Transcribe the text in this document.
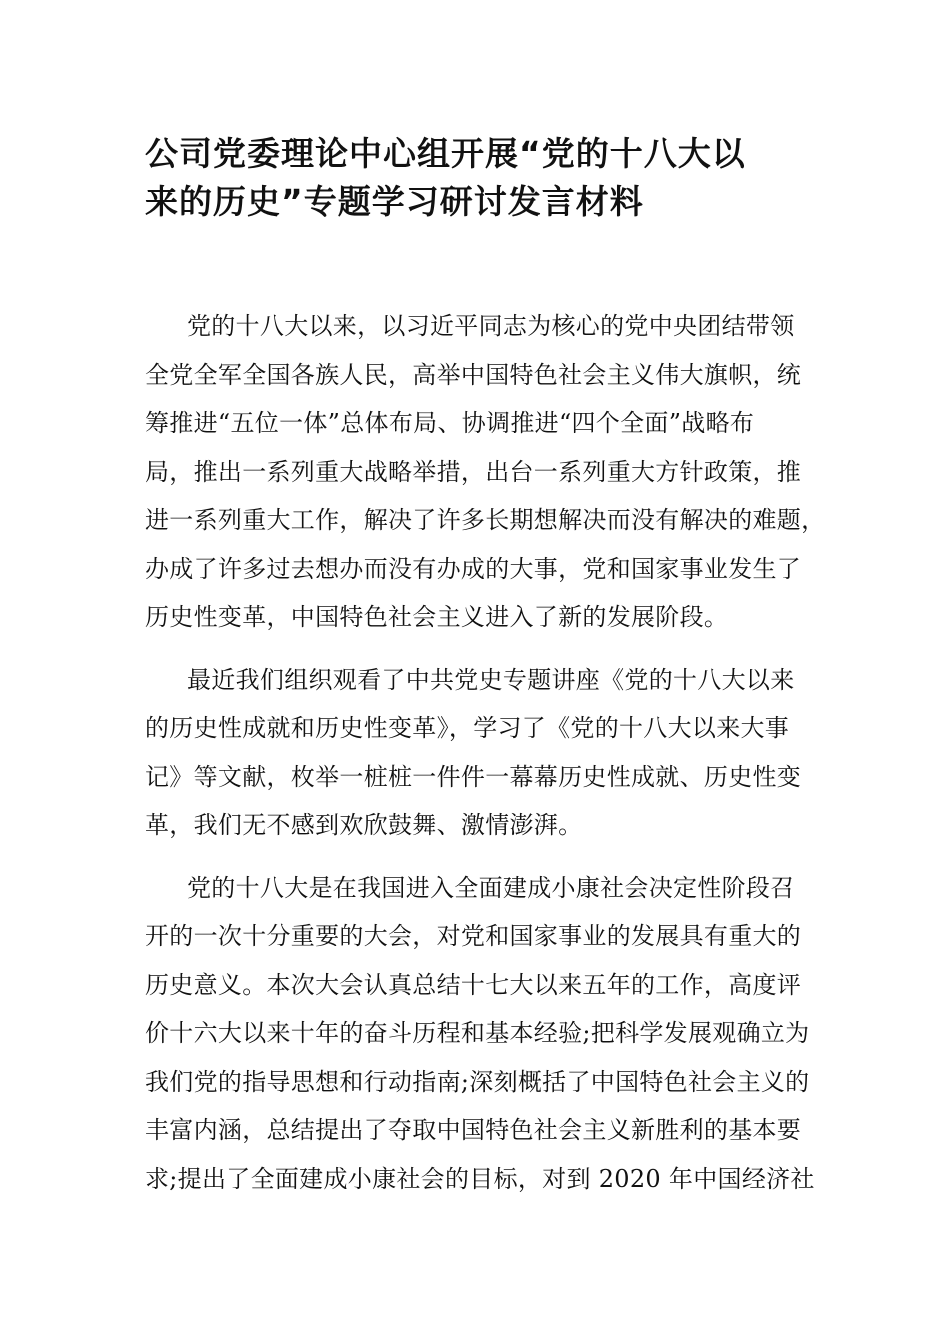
公司党委理论中心组开展“党的十八大以
来的历史”专题学习研讨发言材料

党的十八大以来，以习近平同志为核心的党中央团结带领
全党全军全国各族人民，高举中国特色社会主义伟大旗帜，统
筹推进“五位一体”总体布局、协调推进“四个全面”战略布
局，推出一系列重大战略举措，出台一系列重大方针政策，推
进一系列重大工作，解决了许多长期想解决而没有解决的难题，
办成了许多过去想办而没有办成的大事，党和国家事业发生了
历史性变革，中国特色社会主义进入了新的发展阶段。

最近我们组织观看了中共党史专题讲座《党的十八大以来
的历史性成就和历史性变革》，学习了《党的十八大以来大事
记》等文献，枚举一桩桩一件件一幕幕历史性成就、历史性变
革，我们无不感到欢欣鼓舞、激情澎湃。

党的十八大是在我国进入全面建成小康社会决定性阶段召
开的一次十分重要的大会，对党和国家事业的发展具有重大的
历史意义。本次大会认真总结十七大以来五年的工作，高度评
价十六大以来十年的奋斗历程和基本经验;把科学发展观确立为
我们党的指导思想和行动指南;深刻概括了中国特色社会主义的
丰富内涵，总结提出了夺取中国特色社会主义新胜利的基本要
求;提出了全面建成小康社会的目标，对到 2020 年中国经济社
